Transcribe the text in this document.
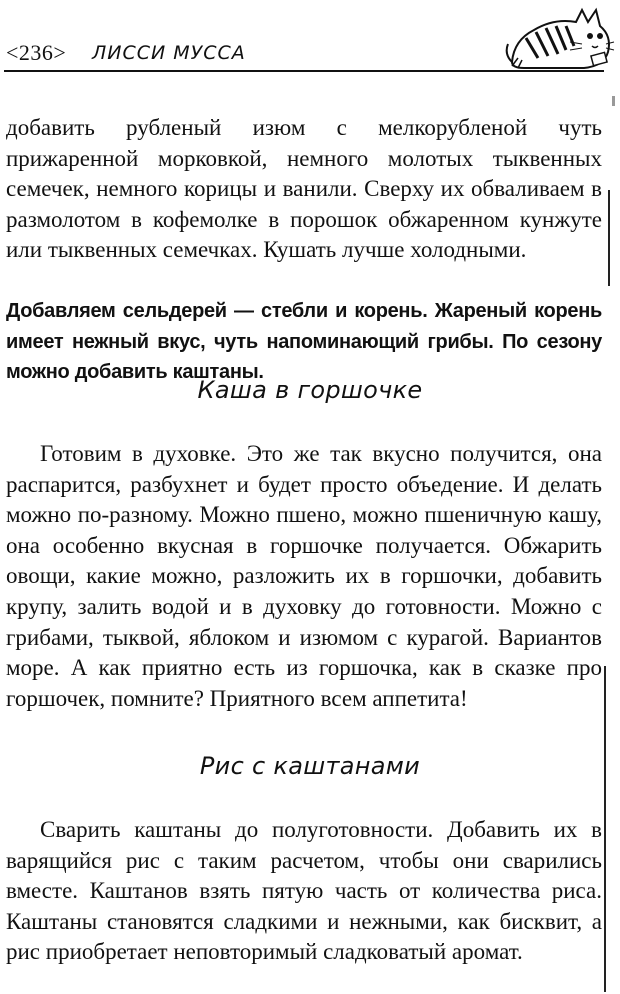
<236> ЛИССИ МУССА

добавить рубленый изюм с мелкорубленой чуть прижаренной морковкой, немного молотых тыквенных семечек, немного корицы и ванили. Сверху их обваливаем в размолотом в кофемолке в порошок обжаренном кунжуте или тыквенных семечках. Кушать лучше холодными.

Добавляем сельдерей — стебли и корень. Жареный корень имеет нежный вкус, чуть напоминающий грибы. По сезону можно добавить каштаны.

Каша в горшочке

Готовим в духовке. Это же так вкусно получится, она распарится, разбухнет и будет просто объедение. И делать можно по-разному. Можно пшено, можно пшеничную кашу, она особенно вкусная в горшочке получается. Обжарить овощи, какие можно, разложить их в горшочки, добавить крупу, залить водой и в духовку до готовности. Можно с грибами, тыквой, яблоком и изюмом с курагой. Вариантов море. А как приятно есть из горшочка, как в сказке про горшочек, помните? Приятного всем аппетита!

Рис с каштанами

Сварить каштаны до полуготовности. Добавить их в варящийся рис с таким расчетом, чтобы они сварились вместе. Каштанов взять пятую часть от количества риса. Каштаны становятся сладкими и нежными, как бисквит, а рис приобретает неповторимый сладковатый аромат.
